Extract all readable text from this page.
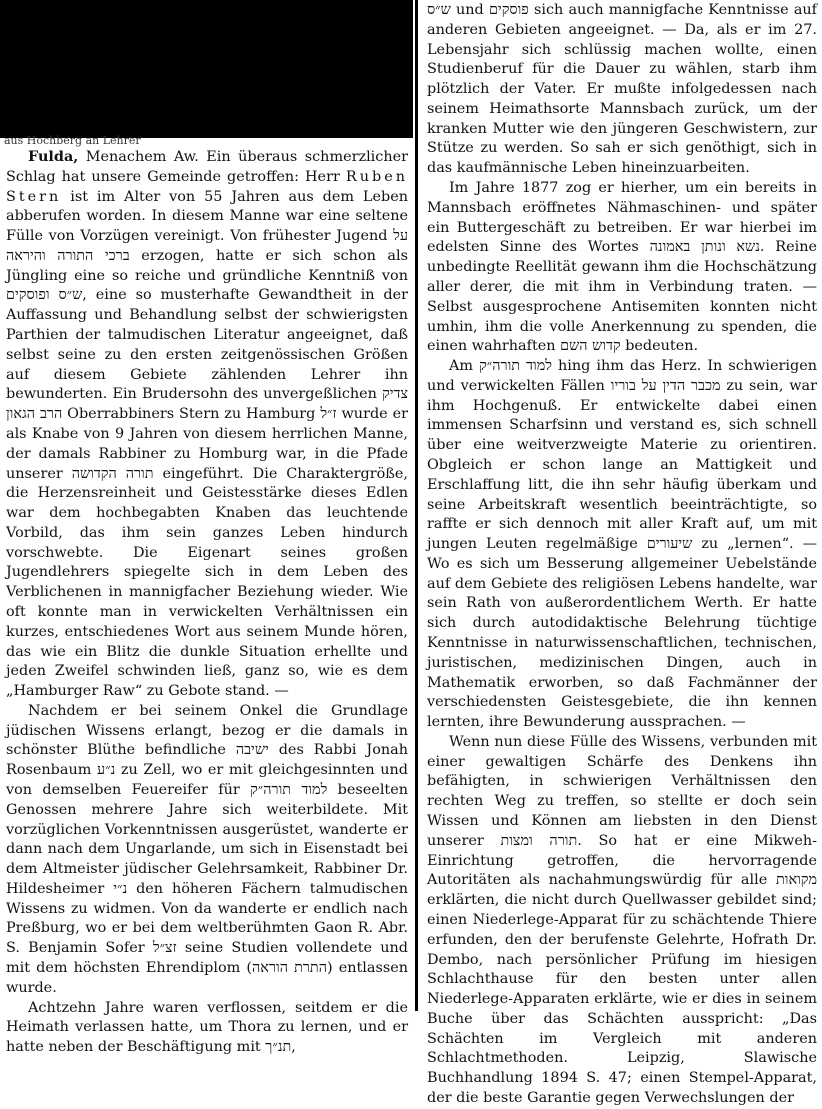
aus Hochberg an Lehrer

Fulda, Menachem Aw. Ein überaus schmerzlicher Schlag hat unsere Gemeinde getroffen: Herr Ruben Stern ist im Alter von 55 Jahren aus dem Leben abberufen worden. In diesem Manne war eine seltene Fülle von Vorzügen vereinigt. Von frühester Jugend על ברכי התורה והיראה erzogen, hatte er sich schon als Jüngling eine so reiche und gründliche Kenntniß von ש״ס ופוסקים, eine so musterhafte Gewandtheit in der Auffassung und Behandlung selbst der schwierigsten Parthien der talmudischen Literatur angeeignet, daß selbst seine zu den ersten zeitgenössischen Größen auf diesem Gebiete zählenden Lehrer ihn bewunderten. Ein Brudersohn des unvergeßlichen צדיק הרב הגאון Oberrabbiners Stern zu Hamburg ז״ל wurde er als Knabe von 9 Jahren von diesem herrlichen Manne, der damals Rabbiner zu Homburg war, in die Pfade unserer תורה הקדושה eingeführt. Die Charaktergröße, die Herzensreinheit und Geistesstärke dieses Edlen war dem hochbegabten Knaben das leuchtende Vorbild, das ihm sein ganzes Leben hindurch vorschwebte. Die Eigenart seines großen Jugendlehrers spiegelte sich in dem Leben des Verblichenen in mannigfacher Beziehung wieder. Wie oft konnte man in verwickelten Verhältnissen ein kurzes, entschiedenes Wort aus seinem Munde hören, das wie ein Blitz die dunkle Situation erhellte und jeden Zweifel schwinden ließ, ganz so, wie es dem „Hamburger Raw“ zu Gebote stand. —

Nachdem er bei seinem Onkel die Grundlage jüdischen Wissens erlangt, bezog er die damals in schönster Blüthe befindliche ישיבה des Rabbi Jonah Rosenbaum נ״ע zu Zell, wo er mit gleichgesinnten und von demselben Feuereifer für למוד תורה״ק beseelten Genossen mehrere Jahre sich weiterbildete. Mit vorzüglichen Vorkenntnissen ausgerüstet, wanderte er dann nach dem Ungarlande, um sich in Eisenstadt bei dem Altmeister jüdischer Gelehrsamkeit, Rabbiner Dr. Hildesheimer נ״י den höheren Fächern talmudischen Wissens zu widmen. Von da wanderte er endlich nach Preßburg, wo er bei dem weltberühmten Gaon R. Abr. S. Benjamin Sofer זצ״ל seine Studien vollendete und mit dem höchsten Ehrendiplom (התרת הוראה) entlassen wurde.

Achtzehn Jahre waren verflossen, seitdem er die Heimath verlassen hatte, um Thora zu lernen, und er hatte neben der Beschäftigung mit תנ״ך,

ש״ס und פוסקים sich auch mannigfache Kenntnisse auf anderen Gebieten angeeignet. — Da, als er im 27. Lebensjahr sich schlüssig machen wollte, einen Studienberuf für die Dauer zu wählen, starb ihm plötzlich der Vater. Er mußte infolgedessen nach seinem Heimathsorte Mannsbach zurück, um der kranken Mutter wie den jüngeren Geschwistern, zur Stütze zu werden. So sah er sich genöthigt, sich in das kaufmännische Leben hineinzuarbeiten.

Im Jahre 1877 zog er hierher, um ein bereits in Mannsbach eröffnetes Nähmaschinen- und später ein Buttergeschäft zu betreiben. Er war hierbei im edelsten Sinne des Wortes נשא ונותן באמונה. Reine unbedingte Reellität gewann ihm die Hochschätzung aller derer, die mit ihm in Verbindung traten. — Selbst ausgesprochene Antisemiten konnten nicht umhin, ihm die volle Anerkennung zu spenden, die einen wahrhaften קדוש השם bedeuten.

Am למוד תורה״ק hing ihm das Herz. In schwierigen und verwickelten Fällen מכבר הדין על בוריו zu sein, war ihm Hochgenuß. Er entwickelte dabei einen immensen Scharfsinn und verstand es, sich schnell über eine weitverzweigte Materie zu orientiren. Obgleich er schon lange an Mattigkeit und Erschlaffung litt, die ihn sehr häufig überkam und seine Arbeitskraft wesentlich beeinträchtigte, so raffte er sich dennoch mit aller Kraft auf, um mit jungen Leuten regelmäßige שיעורים zu „lernen“. — Wo es sich um Besserung allgemeiner Uebelstände auf dem Gebiete des religiösen Lebens handelte, war sein Rath von außerordentlichem Werth. Er hatte sich durch autodidaktische Belehrung tüchtige Kenntnisse in naturwissenschaftlichen, technischen, juristischen, medizinischen Dingen, auch in Mathematik erworben, so daß Fachmänner der verschiedensten Geistesgebiete, die ihn kennen lernten, ihre Bewunderung aussprachen. —

Wenn nun diese Fülle des Wissens, verbunden mit einer gewaltigen Schärfe des Denkens ihn befähigten, in schwierigen Verhältnissen den rechten Weg zu treffen, so stellte er doch sein Wissen und Können am liebsten in den Dienst unserer תורה ומצות. So hat er eine Mikweh-Einrichtung getroffen, die hervorragende Autoritäten als nachahmungswürdig für alle מקואות erklärten, die nicht durch Quellwasser gebildet sind; einen Niederlege-Apparat für zu schächtende Thiere erfunden, den der berufenste Gelehrte, Hofrath Dr. Dembo, nach persönlicher Prüfung im hiesigen Schlachthause für den besten unter allen Niederlege-Apparaten erklärte, wie er dies in seinem Buche über das Schächten ausspricht: „Das Schächten im Vergleich mit anderen Schlachtmethoden. Leipzig, Slawische Buchhandlung 1894 S. 47; einen Stempel-Apparat, der die beste Garantie gegen Verwechslungen der
